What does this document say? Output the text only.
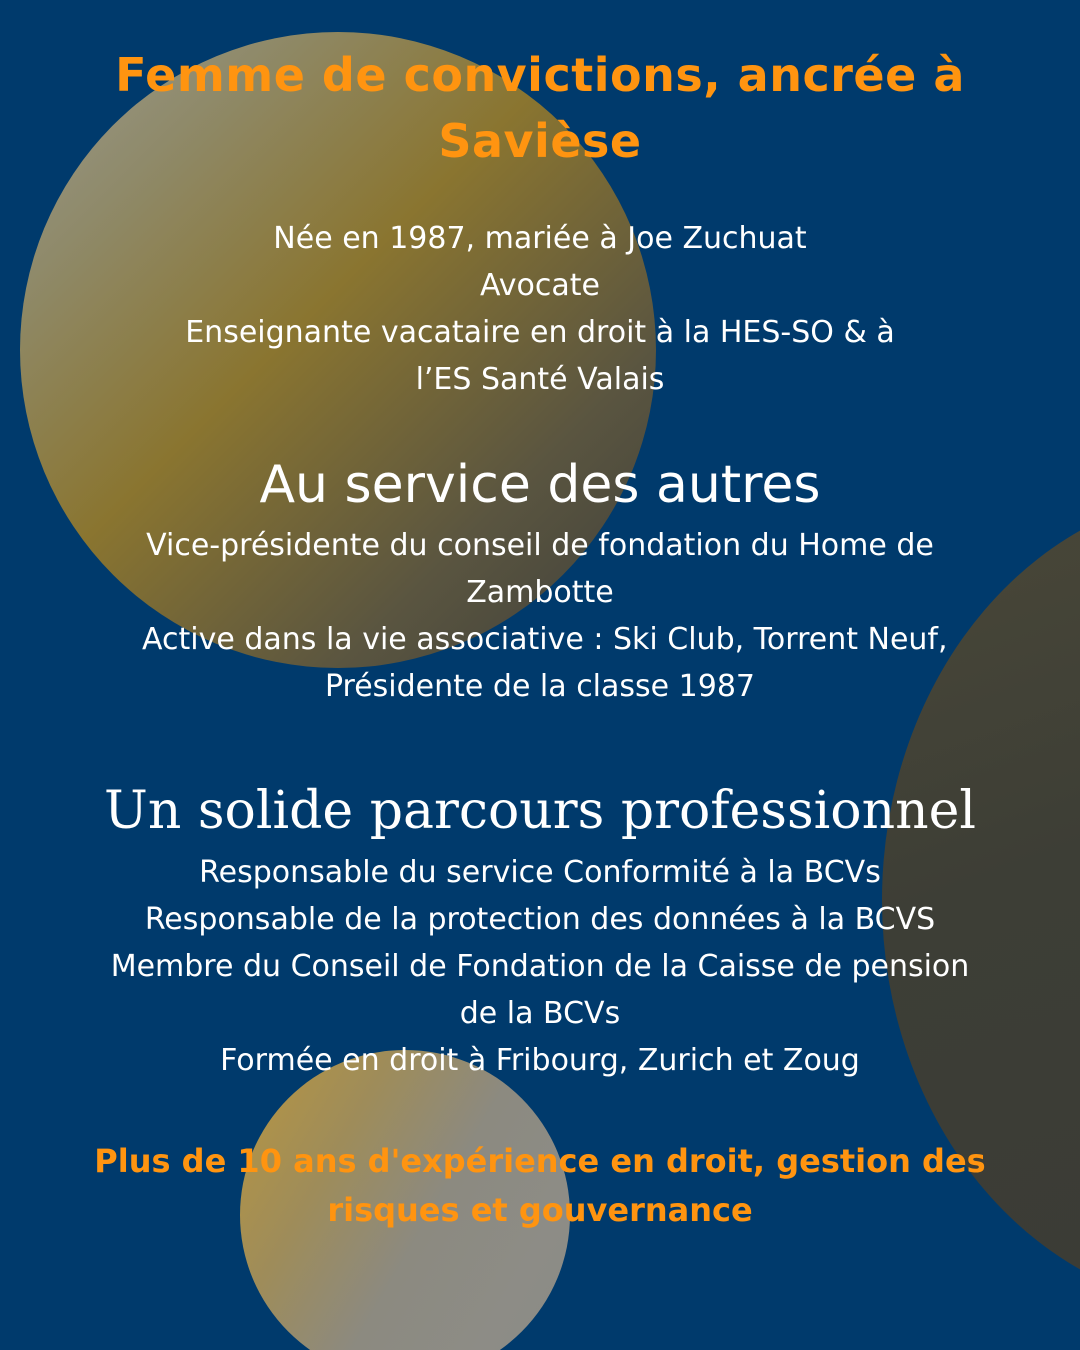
Femme de convictions, ancrée à
Savièse
Née en 1987, mariée à Joe Zuchuat
Avocate
Enseignante vacataire en droit à la HES-SO & à
l’ES Santé Valais
Au service des autres
Vice-présidente du conseil de fondation du Home de
Zambotte
Active dans la vie associative : Ski Club, Torrent Neuf,
Présidente de la classe 1987
Un solide parcours professionnel
Responsable du service Conformité à la BCVs
Responsable de la protection des données à la BCVS
Membre du Conseil de Fondation de la Caisse de pension
de la BCVs
Formée en droit à Fribourg, Zurich et Zoug

Plus de 10 ans d'expérience en droit, gestion des
risques et gouvernance
